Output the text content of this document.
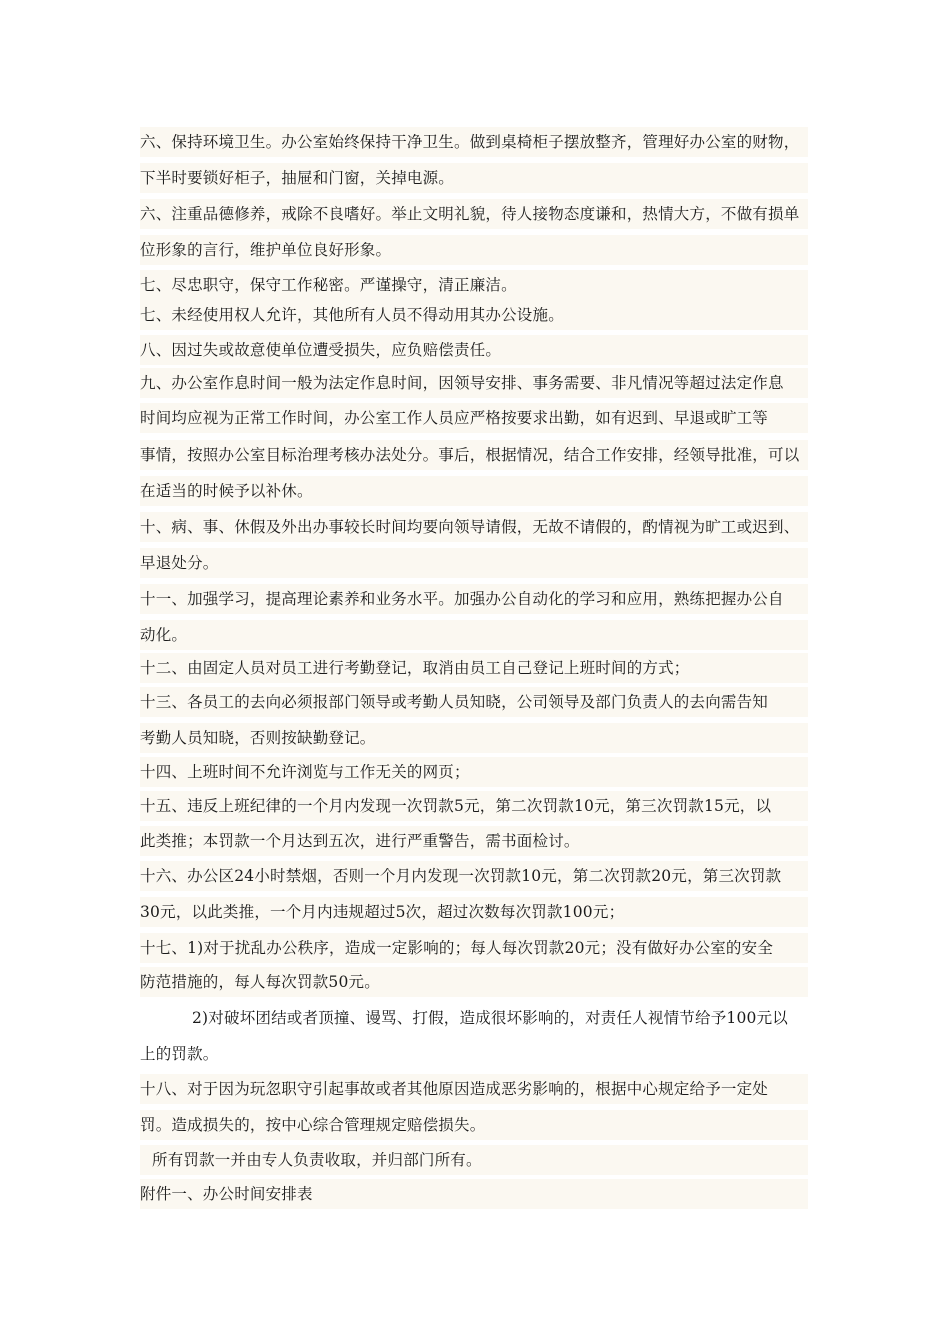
六、保持环境卫生。办公室始终保持干净卫生。做到桌椅柜子摆放整齐，管理好办公室的财物，
下半时要锁好柜子，抽屉和门窗，关掉电源。
六、注重品德修养，戒除不良嗜好。举止文明礼貌，待人接物态度谦和，热情大方，不做有损单
位形象的言行，维护单位良好形象。
七、尽忠职守，保守工作秘密。严谨操守，清正廉洁。
七、未经使用权人允许，其他所有人员不得动用其办公设施。
八、因过失或故意使单位遭受损失，应负赔偿责任。
九、办公室作息时间一般为法定作息时间，因领导安排、事务需要、非凡情况等超过法定作息
时间均应视为正常工作时间，办公室工作人员应严格按要求出勤，如有迟到、早退或旷工等
事情，按照办公室目标治理考核办法处分。事后，根据情况，结合工作安排，经领导批准，可以
在适当的时候予以补休。
十、病、事、休假及外出办事较长时间均要向领导请假，无故不请假的，酌情视为旷工或迟到、
早退处分。
十一、加强学习，提高理论素养和业务水平。加强办公自动化的学习和应用，熟练把握办公自
动化。
十二、由固定人员对员工进行考勤登记，取消由员工自己登记上班时间的方式；
十三、各员工的去向必须报部门领导或考勤人员知晓，公司领导及部门负责人的去向需告知
考勤人员知晓，否则按缺勤登记。
十四、上班时间不允许浏览与工作无关的网页；
十五、违反上班纪律的一个月内发现一次罚款5元，第二次罚款10元，第三次罚款15元，以
此类推；本罚款一个月达到五次，进行严重警告，需书面检讨。
十六、办公区24小时禁烟，否则一个月内发现一次罚款10元，第二次罚款20元，第三次罚款
30元，以此类推，一个月内违规超过5次，超过次数每次罚款100元；
十七、1)对于扰乱办公秩序，造成一定影响的；每人每次罚款20元；没有做好办公室的安全
防范措施的，每人每次罚款50元。
2)对破坏团结或者顶撞、谩骂、打假，造成很坏影响的，对责任人视情节给予100元以
上的罚款。
十八、对于因为玩忽职守引起事故或者其他原因造成恶劣影响的，根据中心规定给予一定处
罚。造成损失的，按中心综合管理规定赔偿损失。
所有罚款一并由专人负责收取，并归部门所有。
附件一、办公时间安排表
